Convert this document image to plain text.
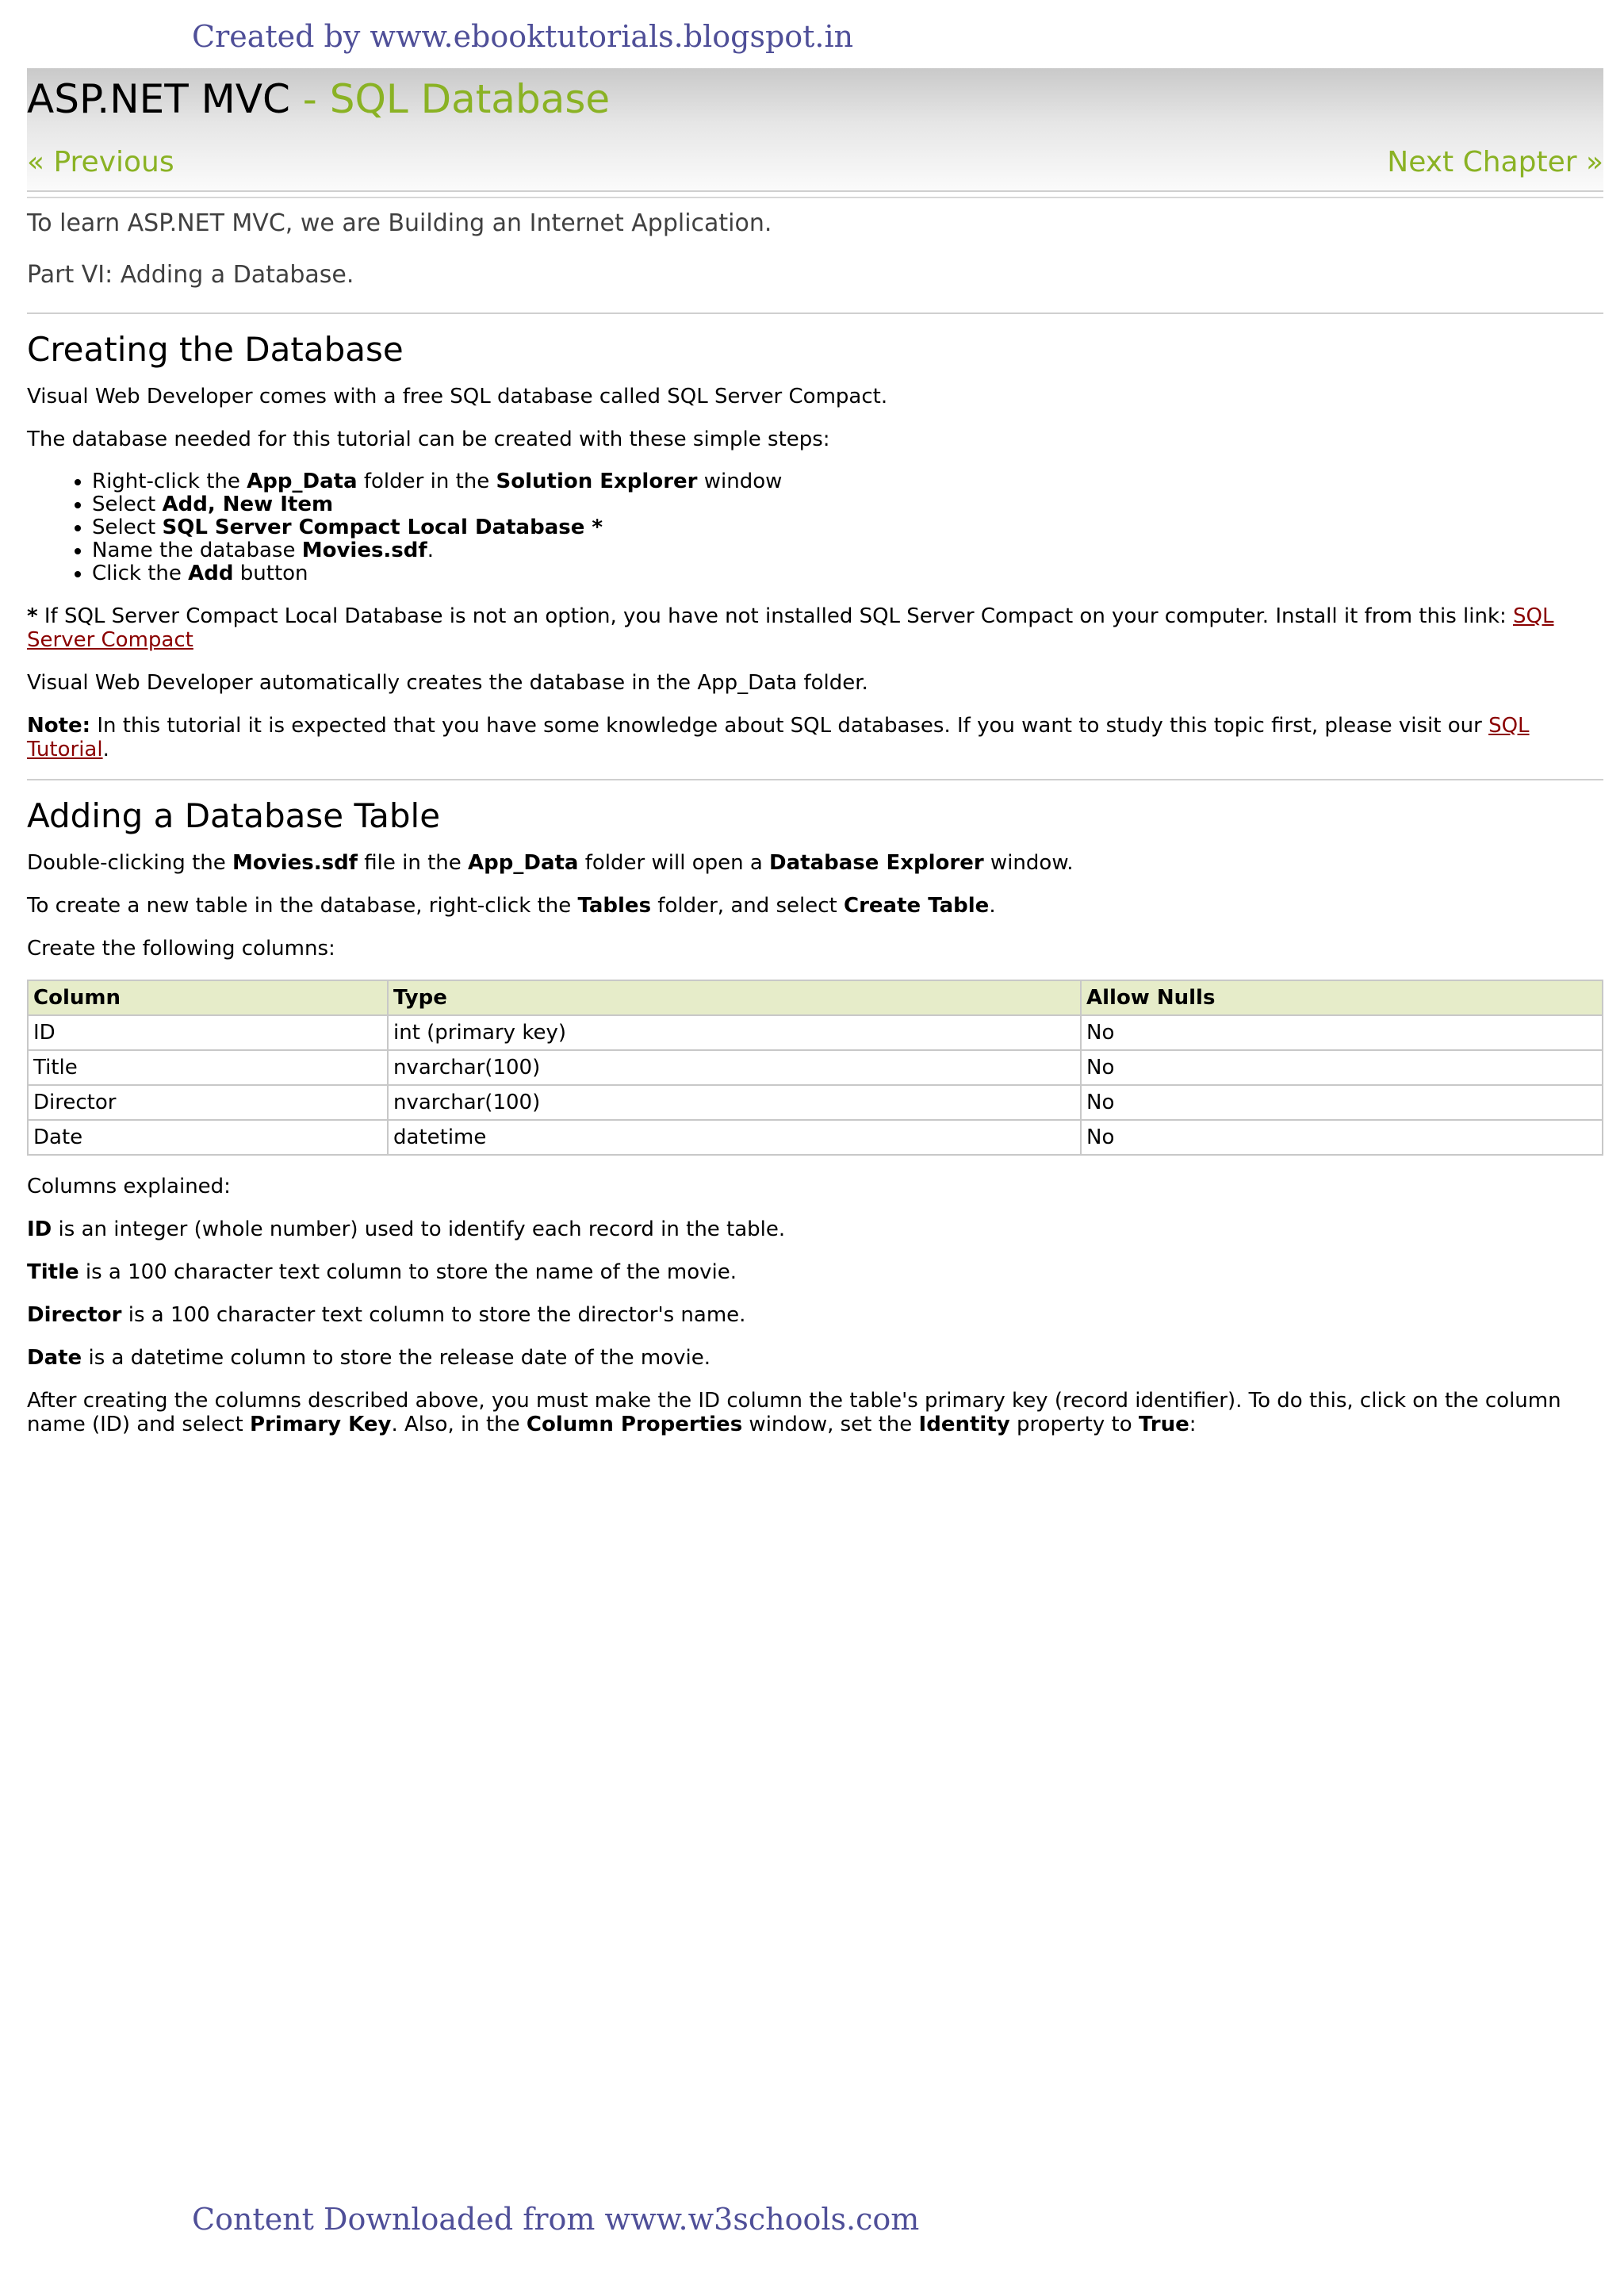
Created by www.ebooktutorials.blogspot.in
ASP.NET MVC - SQL Database
« Previous	Next Chapter »

To learn ASP.NET MVC, we are Building an Internet Application.

Part VI: Adding a Database.

Creating the Database

Visual Web Developer comes with a free SQL database called SQL Server Compact.

The database needed for this tutorial can be created with these simple steps:

• Right-click the App_Data folder in the Solution Explorer window
• Select Add, New Item
• Select SQL Server Compact Local Database *
• Name the database Movies.sdf.
• Click the Add button

* If SQL Server Compact Local Database is not an option, you have not installed SQL Server Compact on your computer. Install it from this link: SQL Server Compact

Visual Web Developer automatically creates the database in the App_Data folder.

Note: In this tutorial it is expected that you have some knowledge about SQL databases. If you want to study this topic first, please visit our SQL Tutorial.

Adding a Database Table

Double-clicking the Movies.sdf file in the App_Data folder will open a Database Explorer window.

To create a new table in the database, right-click the Tables folder, and select Create Table.

Create the following columns:

Column	Type	Allow Nulls
ID	int (primary key)	No
Title	nvarchar(100)	No
Director	nvarchar(100)	No
Date	datetime	No

Columns explained:

ID is an integer (whole number) used to identify each record in the table.

Title is a 100 character text column to store the name of the movie.

Director is a 100 character text column to store the director's name.

Date is a datetime column to store the release date of the movie.

After creating the columns described above, you must make the ID column the table's primary key (record identifier). To do this, click on the column name (ID) and select Primary Key. Also, in the Column Properties window, set the Identity property to True:

Content Downloaded from www.w3schools.com
